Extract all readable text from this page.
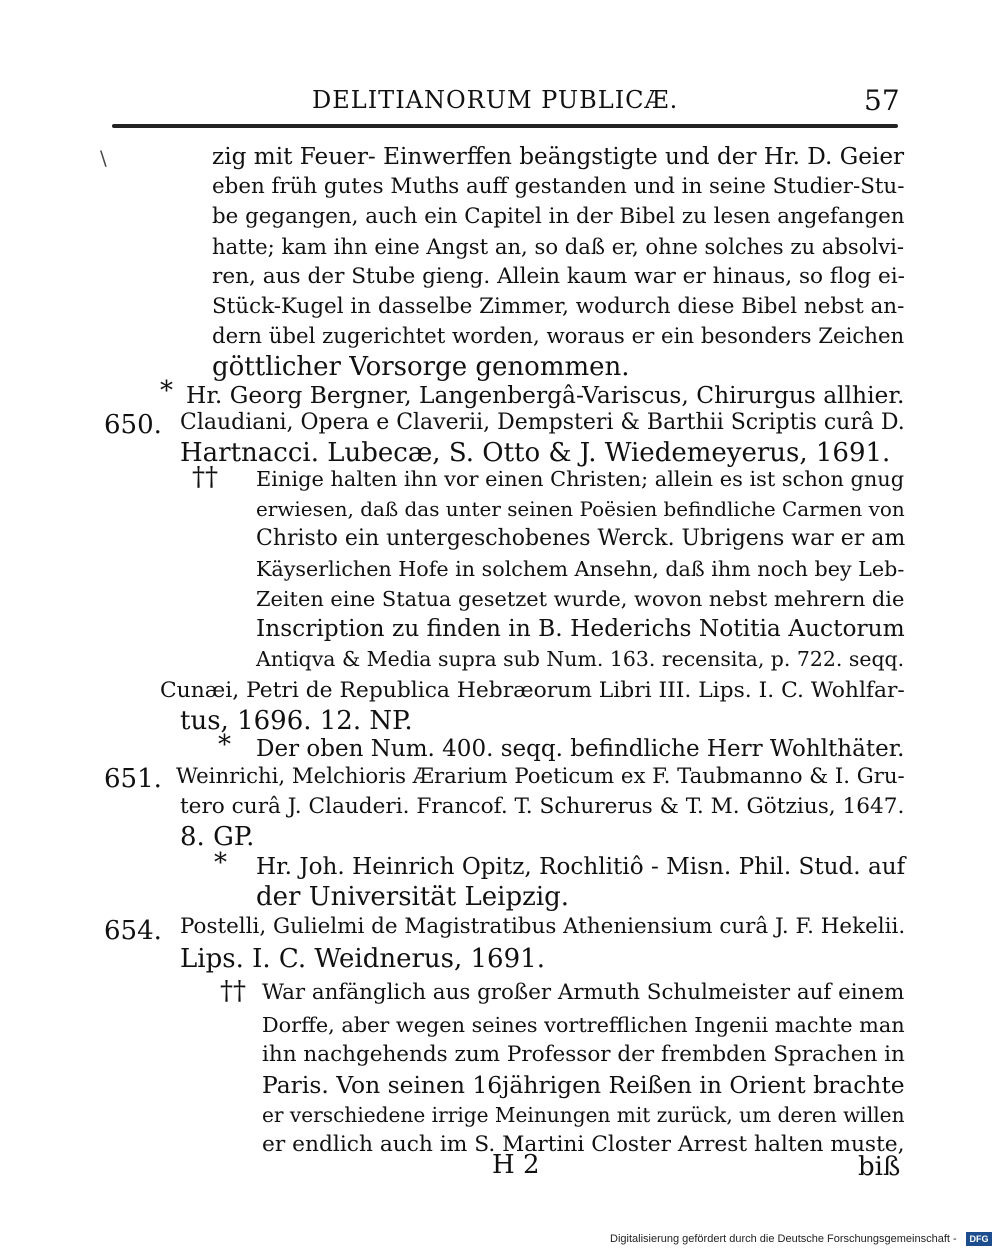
DELITIANORUM PUBLICÆ.	57
\	zig mit Feuer- Einwerffen beängstigte und der Hr. D. Geier
eben früh gutes Muths auff gestanden und in seine Studier-Stu-
be gegangen, auch ein Capitel in der Bibel zu lesen angefangen
hatte; kam ihn eine Angst an, so daß er, ohne solches zu absolvi-
ren, aus der Stube gieng. Allein kaum war er hinaus, so flog ei-
Stück-Kugel in dasselbe Zimmer, wodurch diese Bibel nebst an-
dern übel zugerichtet worden, woraus er ein besonders Zeichen
göttlicher Vorsorge genommen.
* Hr. Georg Bergner, Langenbergâ-Variscus, Chirurgus allhier.
650. Claudiani, Opera e Claverii, Dempsteri & Barthii Scriptis curâ D.
Hartnacci. Lubecæ, S. Otto & J. Wiedemeyerus, 1691.
†† Einige halten ihn vor einen Christen; allein es ist schon gnug
erwiesen, daß das unter seinen Poësien befindliche Carmen von
Christo ein untergeschobenes Werck. Ubrigens war er am
Käyserlichen Hofe in solchem Ansehn, daß ihm noch bey Leb-
Zeiten eine Statua gesetzet wurde, wovon nebst mehrern die
Inscription zu finden in B. Hederichs Notitia Auctorum
Antiqva & Media supra sub Num. 163. recensita, p. 722. seqq.
Cunæi, Petri de Republica Hebræorum Libri III. Lips. I. C. Wohlfar-
tus, 1696. 12. NP.
* Der oben Num. 400. seqq. befindliche Herr Wohlthäter.
651. Weinrichi, Melchioris Ærarium Poeticum ex F. Taubmanno & I. Gru-
tero curâ J. Clauderi. Francof. T. Schurerus & T. M. Götzius, 1647.
8. GP.
* Hr. Joh. Heinrich Opitz, Rochlitiô - Misn. Phil. Stud. auf
der Universität Leipzig.
654. Postelli, Gulielmi de Magistratibus Atheniensium curâ J. F. Hekelii.
Lips. I. C. Weidnerus, 1691.
†† War anfänglich aus großer Armuth Schulmeister auf einem
Dorffe, aber wegen seines vortrefflichen Ingenii machte man
ihn nachgehends zum Professor der frembden Sprachen in
Paris. Von seinen 16jährigen Reißen in Orient brachte
er verschiedene irrige Meinungen mit zurück, um deren willen
er endlich auch im S. Martini Closter Arrest halten muste,
H 2	biß
Digitalisierung gefördert durch die Deutsche Forschungsgemeinschaft -	DFG
